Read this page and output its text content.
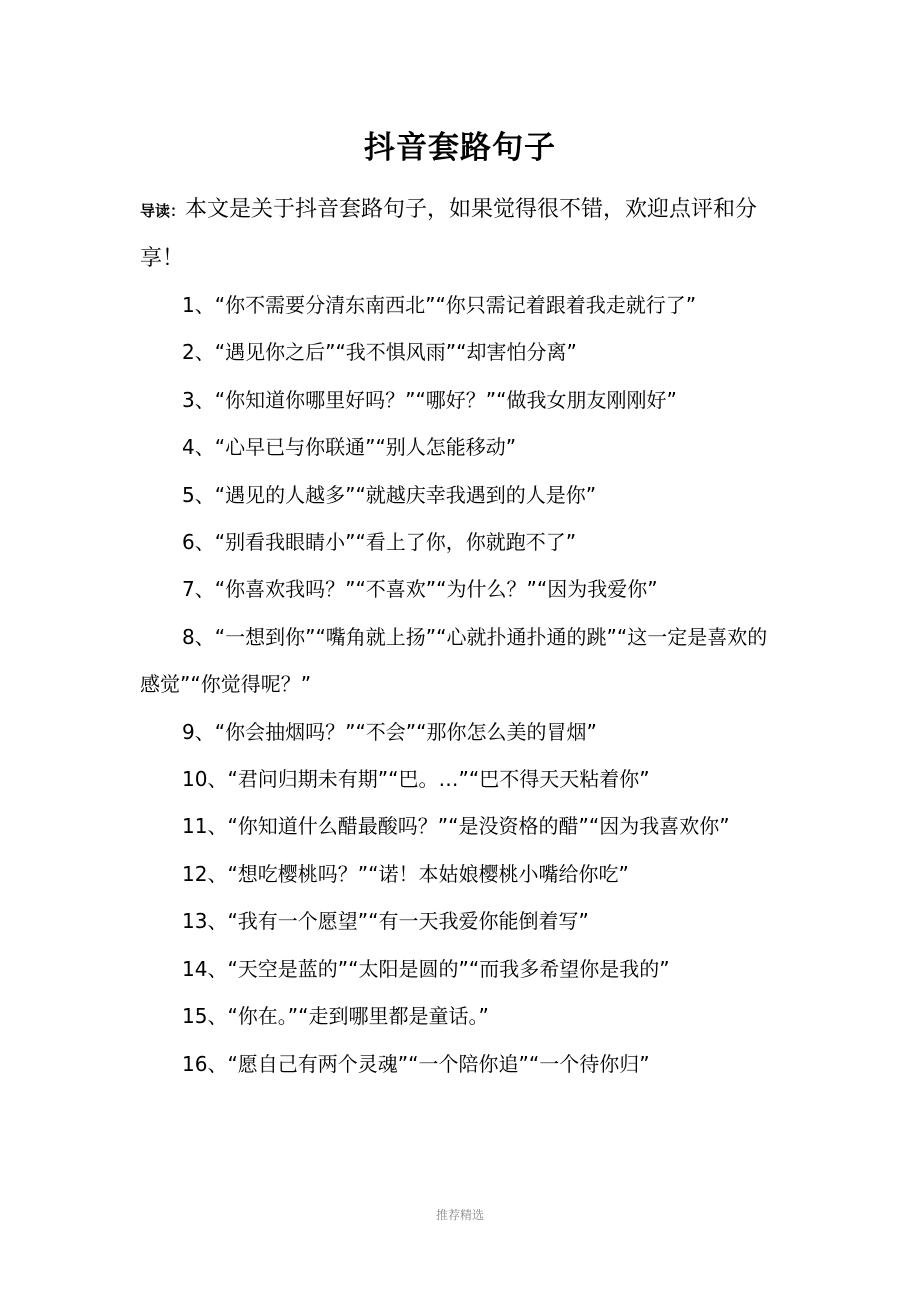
抖音套路句子
导读：本文是关于抖音套路句子，如果觉得很不错，欢迎点评和分享！
1、“你不需要分清东南西北”“你只需记着跟着我走就行了”
2、“遇见你之后”“我不惧风雨”“却害怕分离”
3、“你知道你哪里好吗？”“哪好？”“做我女朋友刚刚好”
4、“心早已与你联通”“别人怎能移动”
5、“遇见的人越多”“就越庆幸我遇到的人是你”
6、“别看我眼睛小”“看上了你，你就跑不了”
7、“你喜欢我吗？”“不喜欢”“为什么？”“因为我爱你”
8、“一想到你”“嘴角就上扬”“心就扑通扑通的跳”“这一定是喜欢的感觉”“你觉得呢？”
9、“你会抽烟吗？”“不会”“那你怎么美的冒烟”
10、“君问归期未有期”“巴。…”“巴不得天天粘着你”
11、“你知道什么醋最酸吗？”“是没资格的醋”“因为我喜欢你”
12、“想吃樱桃吗？”“诺！本姑娘樱桃小嘴给你吃”
13、“我有一个愿望”“有一天我爱你能倒着写”
14、“天空是蓝的”“太阳是圆的”“而我多希望你是我的”
15、“你在。”“走到哪里都是童话。”
16、“愿自己有两个灵魂”“一个陪你追”“一个待你归”
推荐精选
